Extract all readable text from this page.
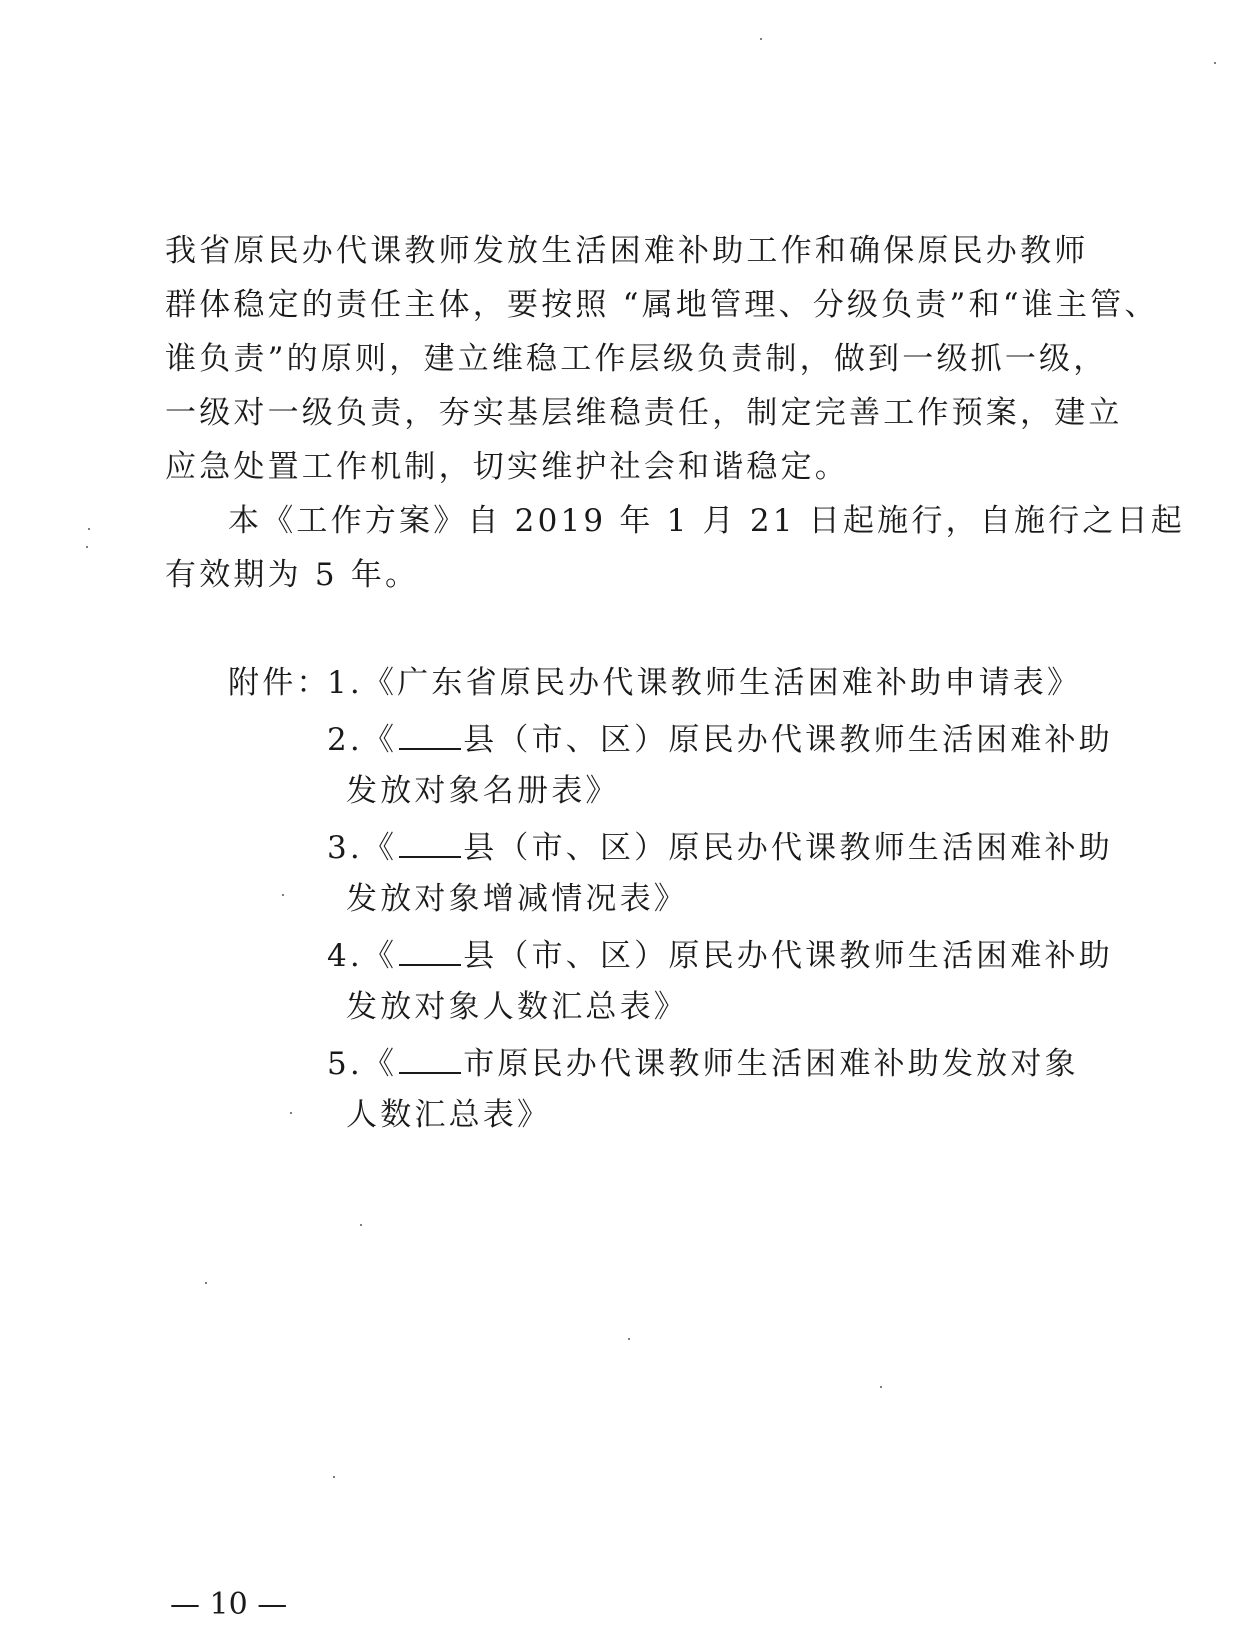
我省原民办代课教师发放生活困难补助工作和确保原民办教师
群体稳定的责任主体，要按照 “属地管理、分级负责”和“谁主管、
谁负责”的原则，建立维稳工作层级负责制，做到一级抓一级，
一级对一级负责，夯实基层维稳责任，制定完善工作预案，建立
应急处置工作机制，切实维护社会和谐稳定。
本《工作方案》自 2019 年 1 月 21 日起施行，自施行之日起
有效期为 5 年。
附件：
1.《广东省原民办代课教师生活困难补助申请表》
2.《 县（市、区）原民办代课教师生活困难补助
发放对象名册表》
3.《 县（市、区）原民办代课教师生活困难补助
发放对象增减情况表》
4.《 县（市、区）原民办代课教师生活困难补助
发放对象人数汇总表》
5.《 市原民办代课教师生活困难补助发放对象
人数汇总表》
— 10 —
